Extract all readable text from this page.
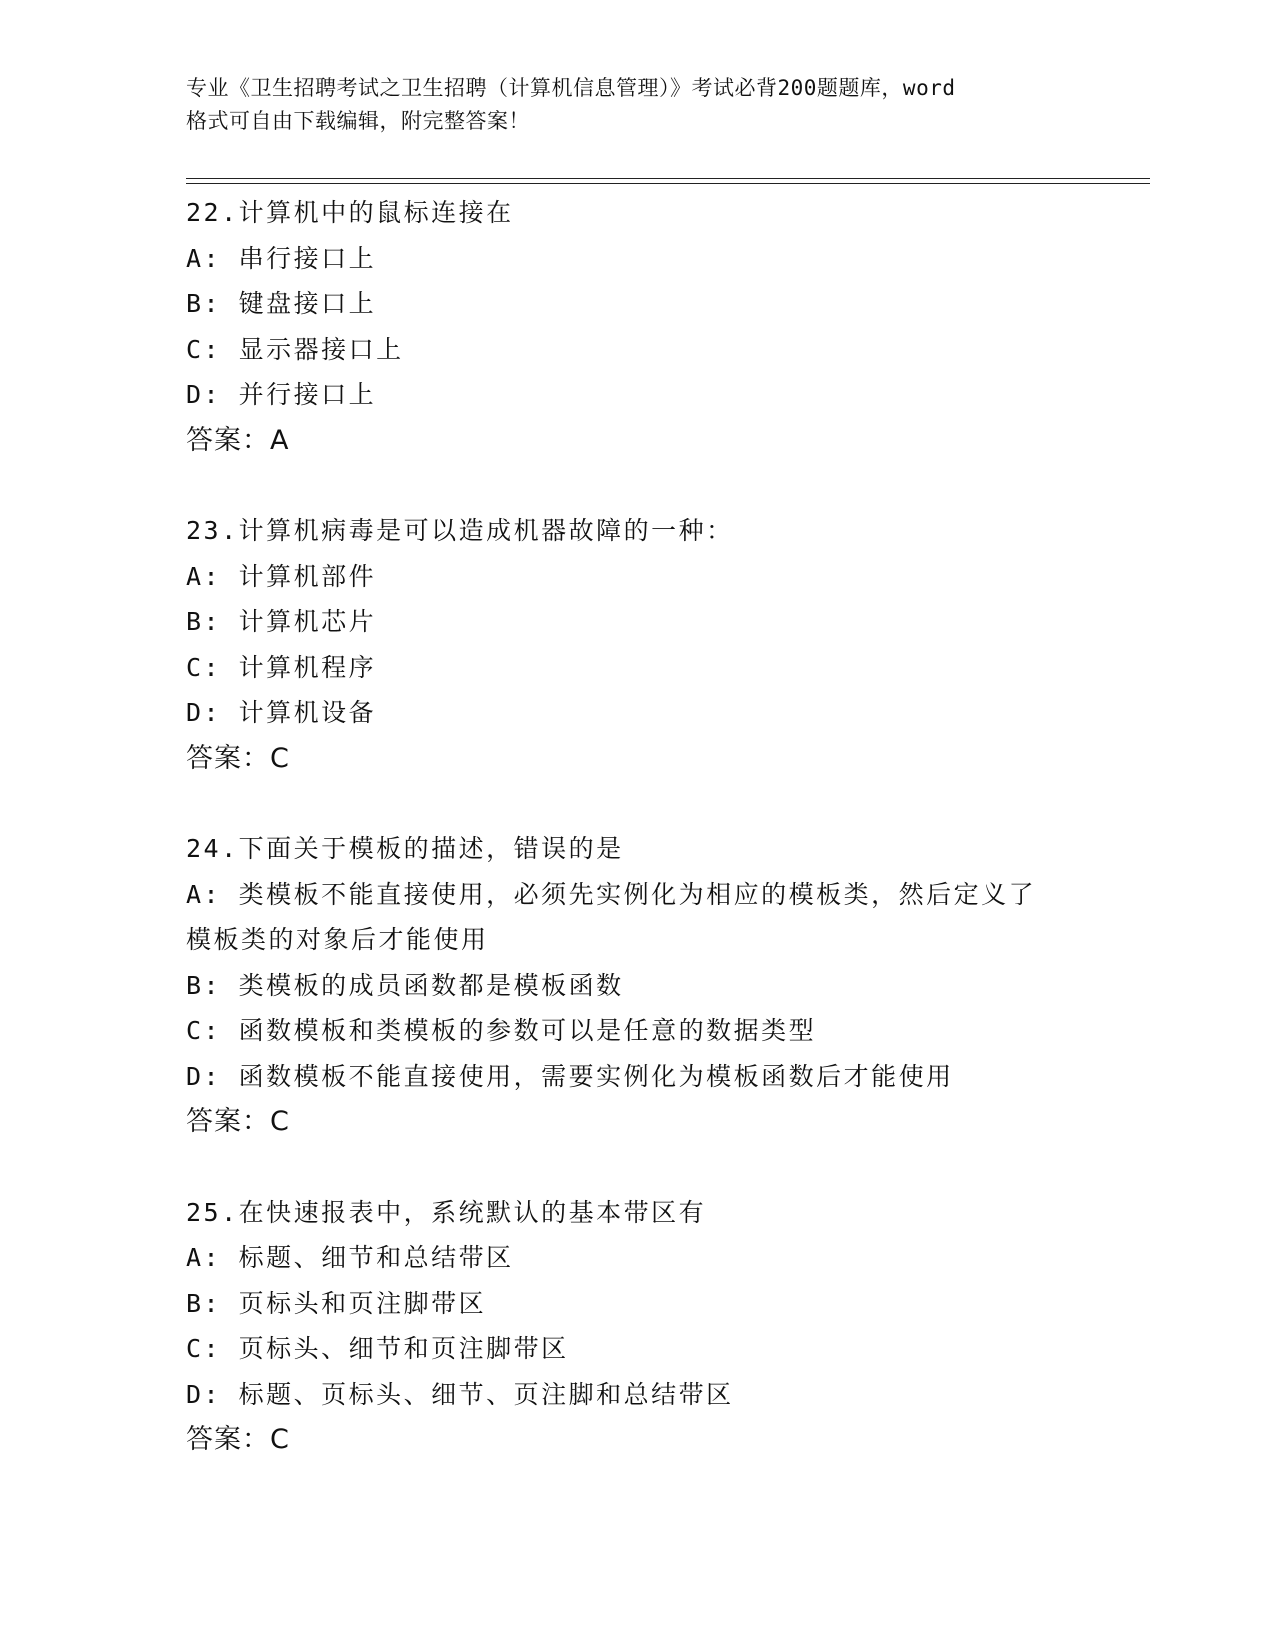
专业《卫生招聘考试之卫生招聘（计算机信息管理）》考试必背200题题库，word

格式可自由下载编辑，附完整答案！

22.计算机中的鼠标连接在
A: 串行接口上
B: 键盘接口上
C: 显示器接口上
D: 并行接口上
答案：A
23.计算机病毒是可以造成机器故障的一种：
A: 计算机部件
B: 计算机芯片
C: 计算机程序
D: 计算机设备
答案：C
24.下面关于模板的描述，错误的是
A: 类模板不能直接使用，必须先实例化为相应的模板类，然后定义了模板类的对象后才能使用
B: 类模板的成员函数都是模板函数
C: 函数模板和类模板的参数可以是任意的数据类型
D: 函数模板不能直接使用，需要实例化为模板函数后才能使用
答案：C
25.在快速报表中，系统默认的基本带区有
A: 标题、细节和总结带区
B: 页标头和页注脚带区
C: 页标头、细节和页注脚带区
D: 标题、页标头、细节、页注脚和总结带区
答案：C
